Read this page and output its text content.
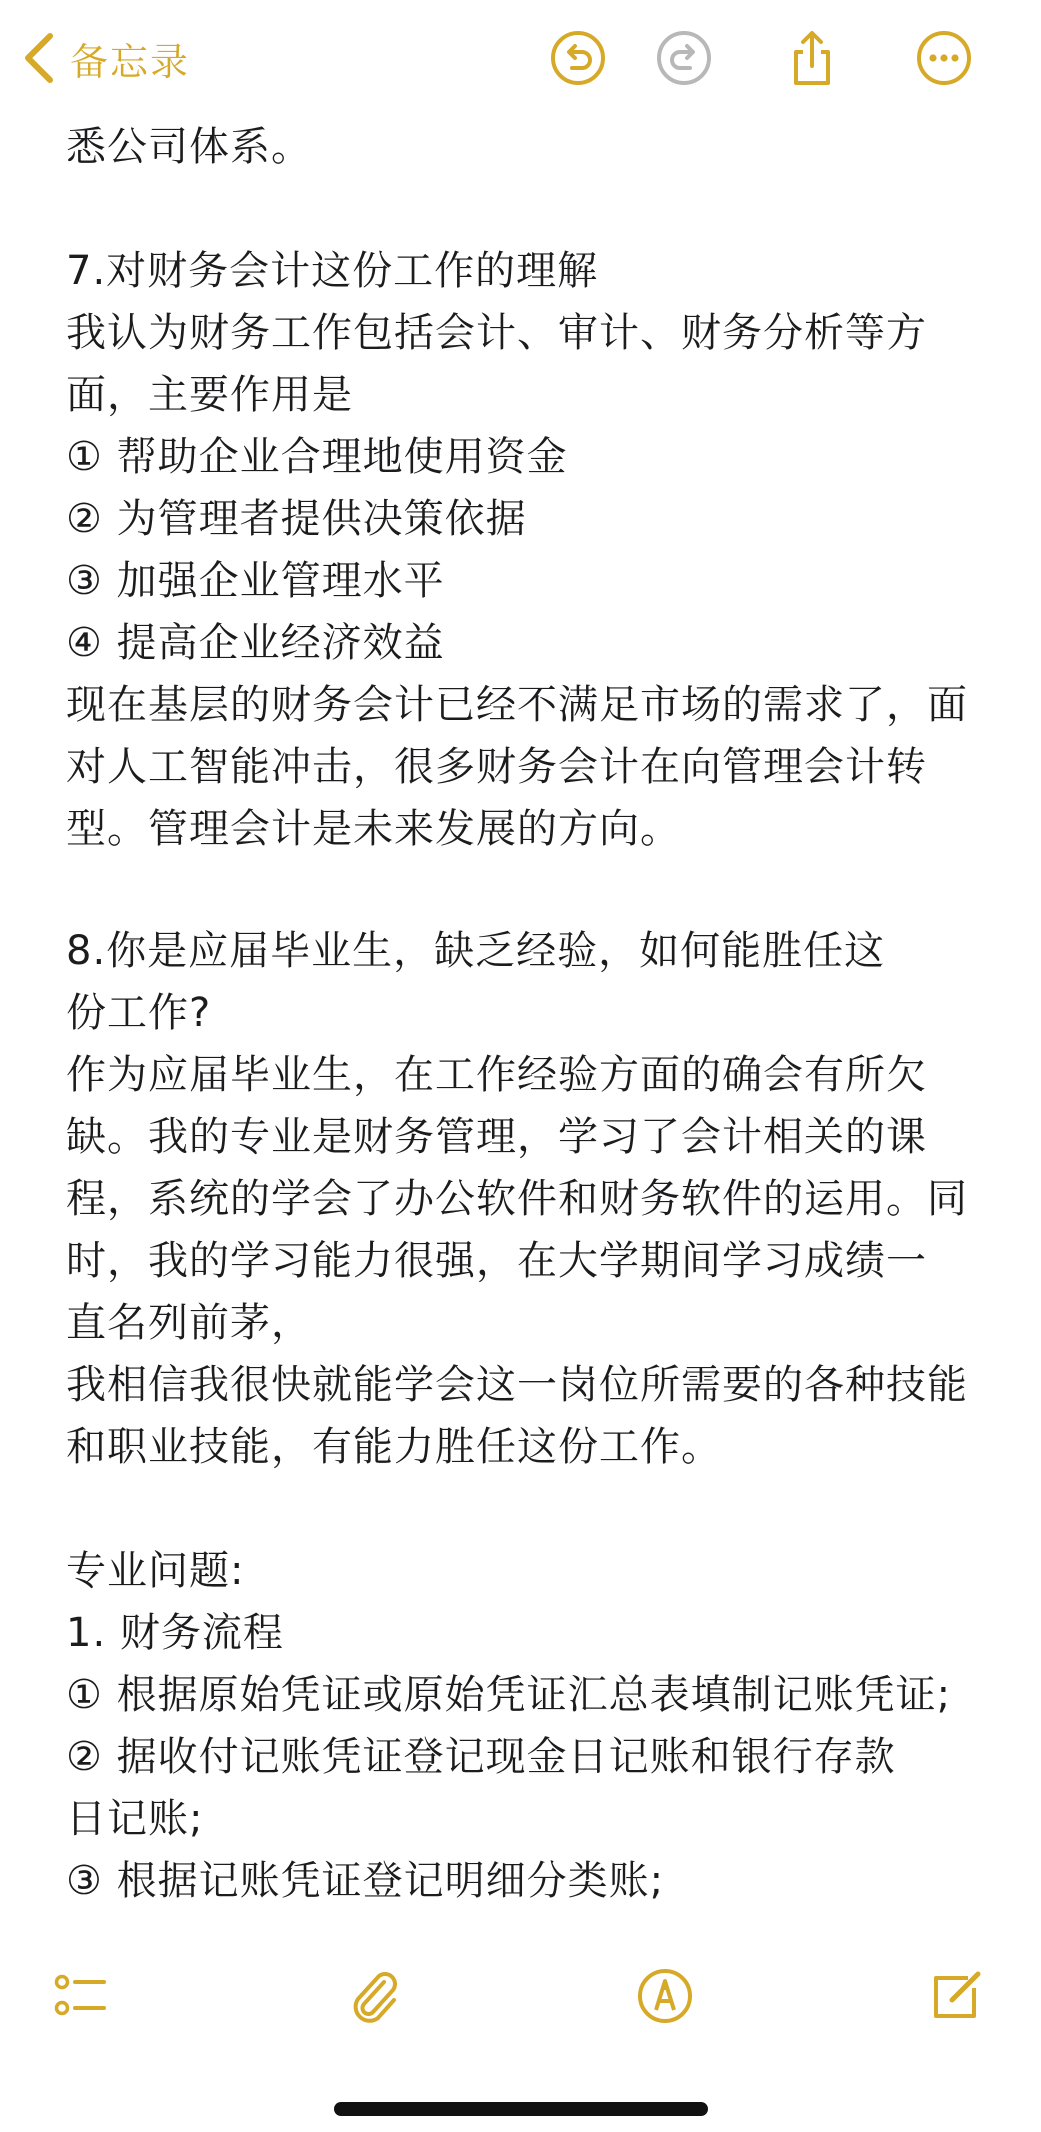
悉公司体系。
7.对财务会计这份工作的理解
我认为财务工作包括会计、审计、财务分析等方
面，主要作用是
① 帮助企业合理地使用资金
② 为管理者提供决策依据
③ 加强企业管理水平
④ 提高企业经济效益
现在基层的财务会计已经不满足市场的需求了，面
对人工智能冲击，很多财务会计在向管理会计转
型。管理会计是未来发展的方向。
8.你是应届毕业生，缺乏经验，如何能胜任这
份工作?
作为应届毕业生，在工作经验方面的确会有所欠
缺。我的专业是财务管理，学习了会计相关的课
程，系统的学会了办公软件和财务软件的运用。同
时，我的学习能力很强，在大学期间学习成绩一
直名列前茅，
我相信我很快就能学会这一岗位所需要的各种技能
和职业技能，有能力胜任这份工作。
专业问题:
1. 财务流程
① 根据原始凭证或原始凭证汇总表填制记账凭证;
② 据收付记账凭证登记现金日记账和银行存款
日记账;
③ 根据记账凭证登记明细分类账;
备忘录
